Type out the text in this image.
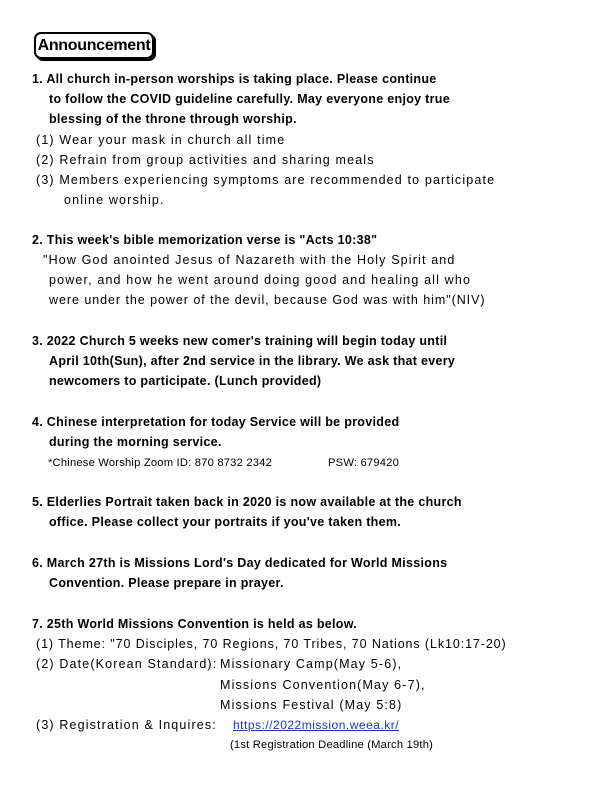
Announcement
1. All church in-person worships is taking place. Please continue
to follow the COVID guideline carefully. May everyone enjoy true
blessing of the throne through worship.
(1) Wear your mask in church all time
(2) Refrain from group activities and sharing meals
(3) Members experiencing symptoms are recommended to participate
online worship.
2. This week's bible memorization verse is "Acts 10:38"
"How God anointed Jesus of Nazareth with the Holy Spirit and
power, and how he went around doing good and healing all who
were under the power of the devil, because God was with him"(NIV)
3. 2022 Church 5 weeks new comer's training will begin today until
April 10th(Sun), after 2nd service in the library. We ask that every
newcomers to participate. (Lunch provided)
4. Chinese interpretation for today Service will be provided
during the morning service.
*Chinese Worship Zoom ID: 870 8732 2342	PSW: 679420
5. Elderlies Portrait taken back in 2020 is now available at the church
office. Please collect your portraits if you've taken them.
6. March 27th is Missions Lord's Day dedicated for World Missions
Convention. Please prepare in prayer.
7. 25th World Missions Convention is held as below.
(1) Theme: "70 Disciples, 70 Regions, 70 Tribes, 70 Nations (Lk10:17-20)
(2) Date(Korean Standard): Missionary Camp(May 5-6),
Missions Convention(May 6-7),
Missions Festival (May 5:8)
(3) Registration & Inquires: https://2022mission.weea.kr/
(1st Registration Deadline (March 19th)
